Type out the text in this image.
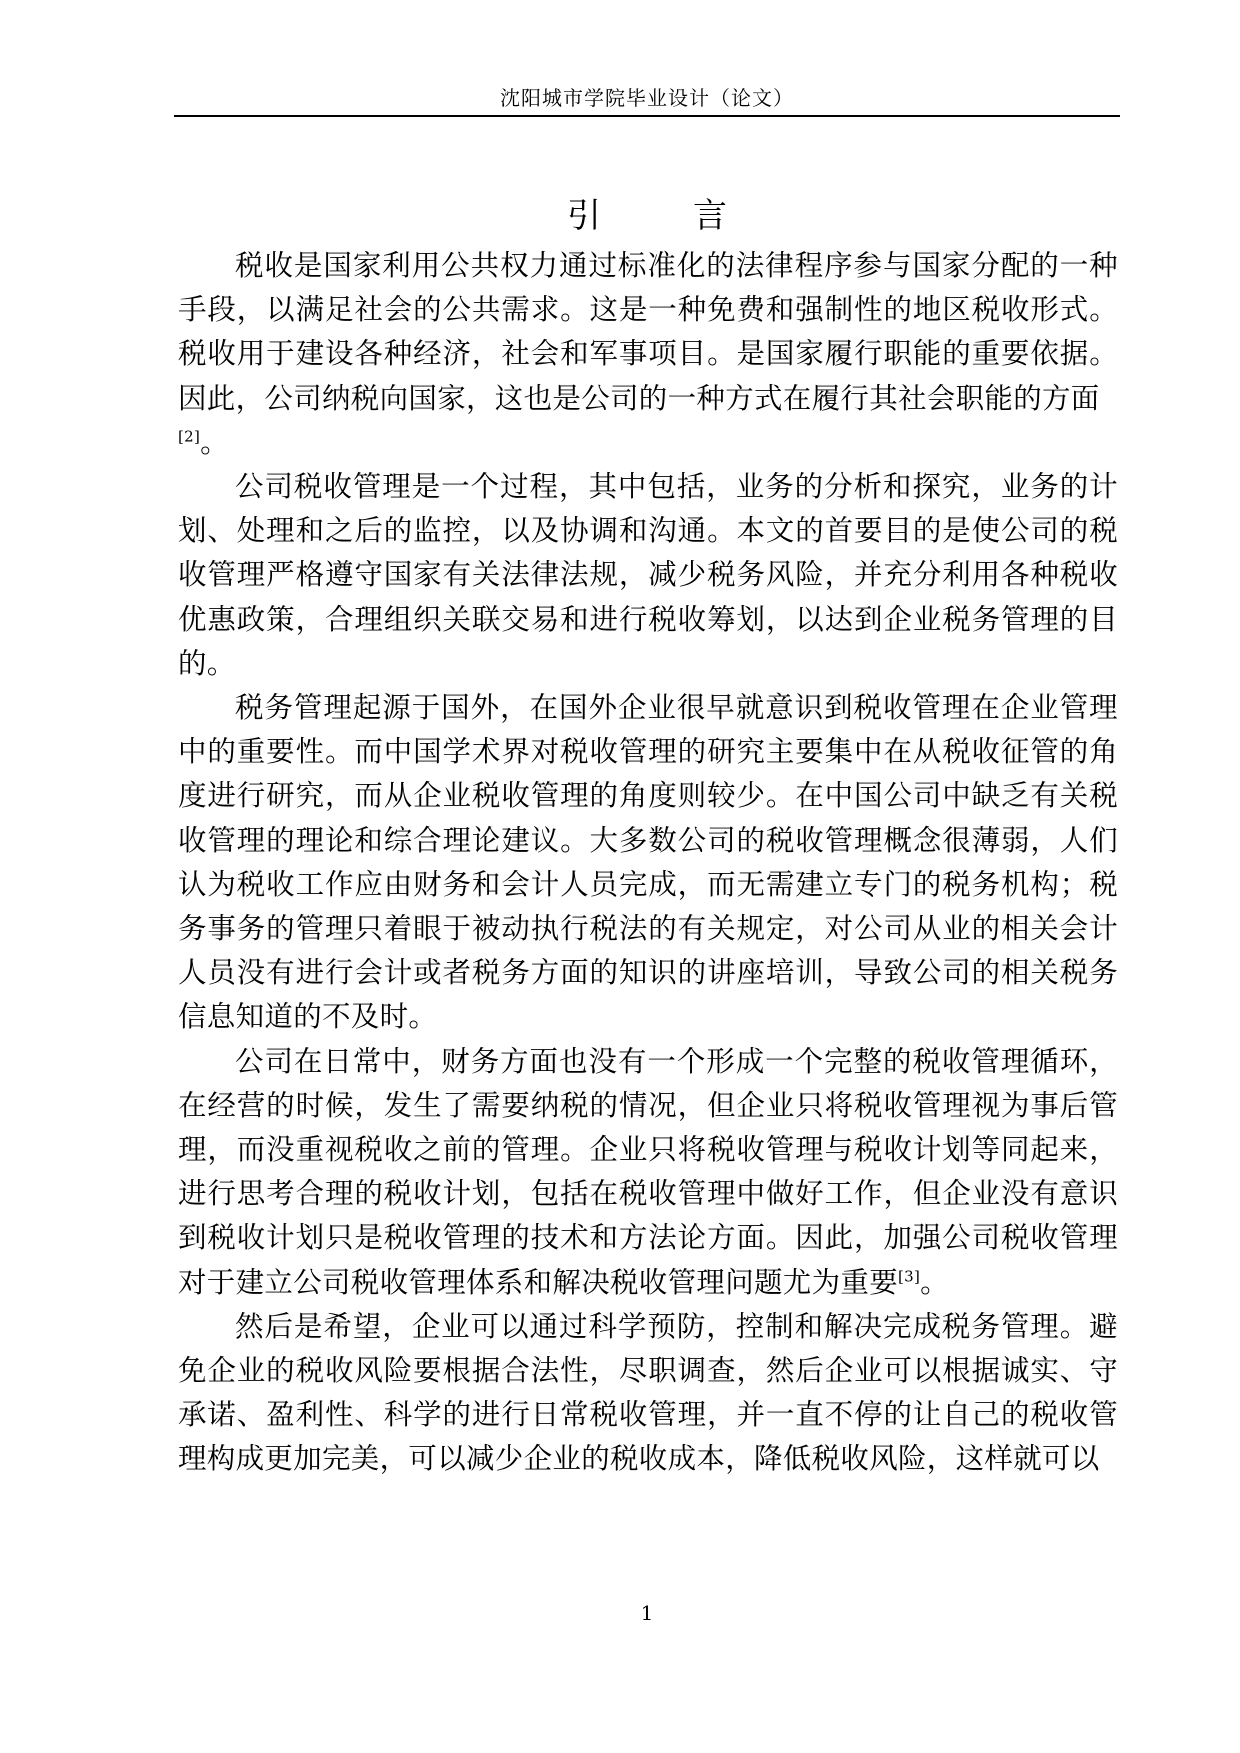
沈阳城市学院毕业设计（论文）
引	言

税收是国家利用公共权力通过标准化的法律程序参与国家分配的一种手段，以满足社会的公共需求。这是一种免费和强制性的地区税收形式。税收用于建设各种经济，社会和军事项目。是国家履行职能的重要依据。因此，公司纳税向国家，这也是公司的一种方式在履行其社会职能的方面
[2]。

公司税收管理是一个过程，其中包括，业务的分析和探究，业务的计划、处理和之后的监控，以及协调和沟通。本文的首要目的是使公司的税收管理严格遵守国家有关法律法规，减少税务风险，并充分利用各种税收优惠政策，合理组织关联交易和进行税收筹划，以达到企业税务管理的目的。

税务管理起源于国外，在国外企业很早就意识到税收管理在企业管理中的重要性。而中国学术界对税收管理的研究主要集中在从税收征管的角度进行研究，而从企业税收管理的角度则较少。在中国公司中缺乏有关税收管理的理论和综合理论建议。大多数公司的税收管理概念很薄弱，人们认为税收工作应由财务和会计人员完成，而无需建立专门的税务机构；税务事务的管理只着眼于被动执行税法的有关规定，对公司从业的相关会计人员没有进行会计或者税务方面的知识的讲座培训，导致公司的相关税务信息知道的不及时。

公司在日常中，财务方面也没有一个形成一个完整的税收管理循环，在经营的时候，发生了需要纳税的情况，但企业只将税收管理视为事后管理，而没重视税收之前的管理。企业只将税收管理与税收计划等同起来，进行思考合理的税收计划，包括在税收管理中做好工作，但企业没有意识到税收计划只是税收管理的技术和方法论方面。因此，加强公司税收管理对于建立公司税收管理体系和解决税收管理问题尤为重要[3]。

然后是希望，企业可以通过科学预防，控制和解决完成税务管理。避免企业的税收风险要根据合法性，尽职调查，然后企业可以根据诚实、守承诺、盈利性、科学的进行日常税收管理，并一直不停的让自己的税收管理构成更加完美，可以减少企业的税收成本，降低税收风险，这样就可以

1
